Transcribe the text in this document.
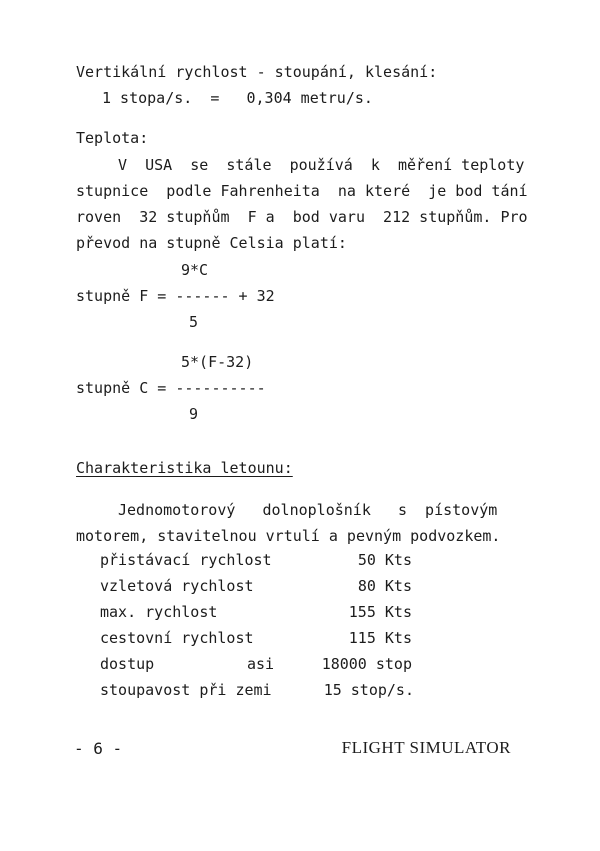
Vertikální rychlost - stoupání, klesání:
1 stopa/s.  =   0,304 metru/s.
Teplota:
V  USA  se  stále  používá  k  měření teploty
stupnice  podle Fahrenheita  na které  je bod tání
roven  32 stupňům  F a  bod varu  212 stupňům. Pro
převod na stupně Celsia platí:
9*C
stupně F = ------ + 32
5
5*(F-32)
stupně C = ----------
9
Charakteristika letounu:
Jednomotorový   dolnoplošník   s  pístovým
motorem, stavitelnou vrtulí a pevným podvozkem.
přistávací rychlost	50 Kts
vzletová rychlost	80 Kts
max. rychlost	155 Kts
cestovní rychlost	115 Kts
dostup	asi	18000 stop
stoupavost při zemi	15 stop/s.
- 6 -	FLIGHT SIMULATOR
